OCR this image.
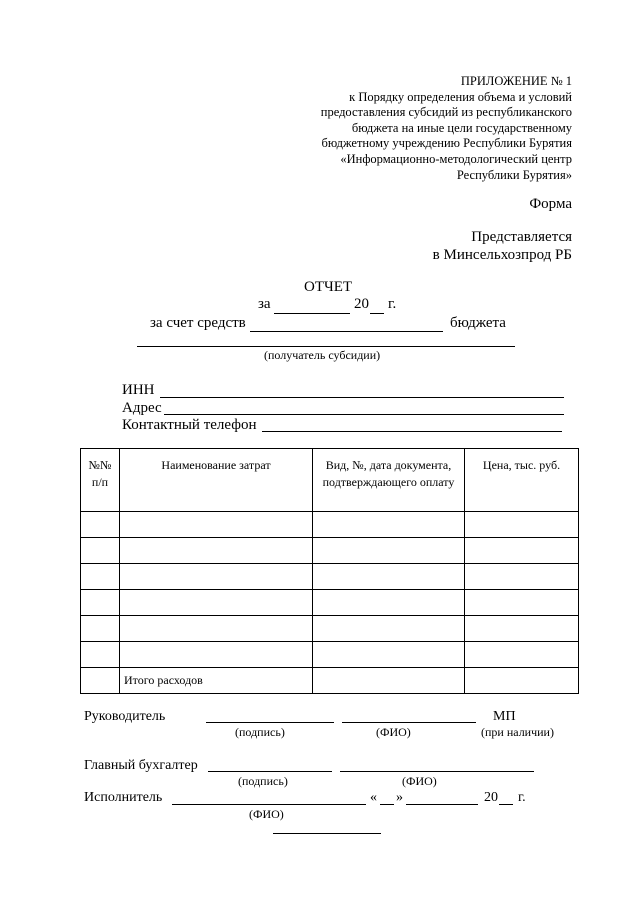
ПРИЛОЖЕНИЕ № 1
к Порядку определения объема и условий
предоставления субсидий из республиканского
бюджета на иные цели государственному
бюджетному учреждению Республики Бурятия
«Информационно-методологический центр
Республики Бурятия»
Форма
Представляется
в Минсельхозпрод РБ
ОТЧЕТ
за	20 г.
за счет средств	бюджета
(получатель субсидии)
ИНН
Адрес
Контактный телефон
№№ п/п	Наименование затрат	Вид, №, дата документа, подтверждающего оплату	Цена, тыс. руб.

	Итого расходов		
Руководитель	МП
(подпись)	(ФИО)	(при наличии)
Главный бухгалтер
(подпись)	(ФИО)
Исполнитель	« »	20 г.
(ФИО)
